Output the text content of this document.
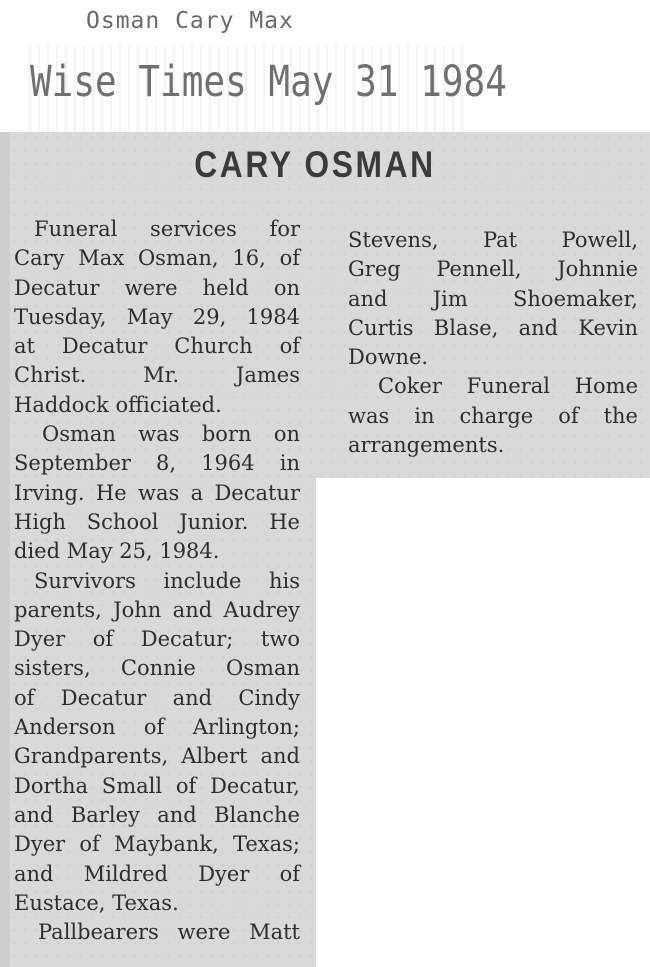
Osman Cary Max

Wise Times May 31 1984

CARY OSMAN
Funeral services for
Cary Max Osman, 16, of
Decatur were held on
Tuesday, May 29, 1984
at Decatur Church of
Christ. Mr. James
Haddock officiated.
Osman was born on
September 8, 1964 in
Irving. He was a Decatur
High School Junior. He
died May 25, 1984.
Survivors include his
parents, John and Audrey
Dyer of Decatur; two
sisters, Connie Osman
of Decatur and Cindy
Anderson of Arlington;
Grandparents, Albert and
Dortha Small of Decatur,
and Barley and Blanche
Dyer of Maybank, Texas;
and Mildred Dyer of
Eustace, Texas.
Pallbearers were Matt
Stevens, Pat Powell,
Greg Pennell, Johnnie
and Jim Shoemaker,
Curtis Blase, and Kevin
Downe.
Coker Funeral Home
was in charge of the
arrangements.
